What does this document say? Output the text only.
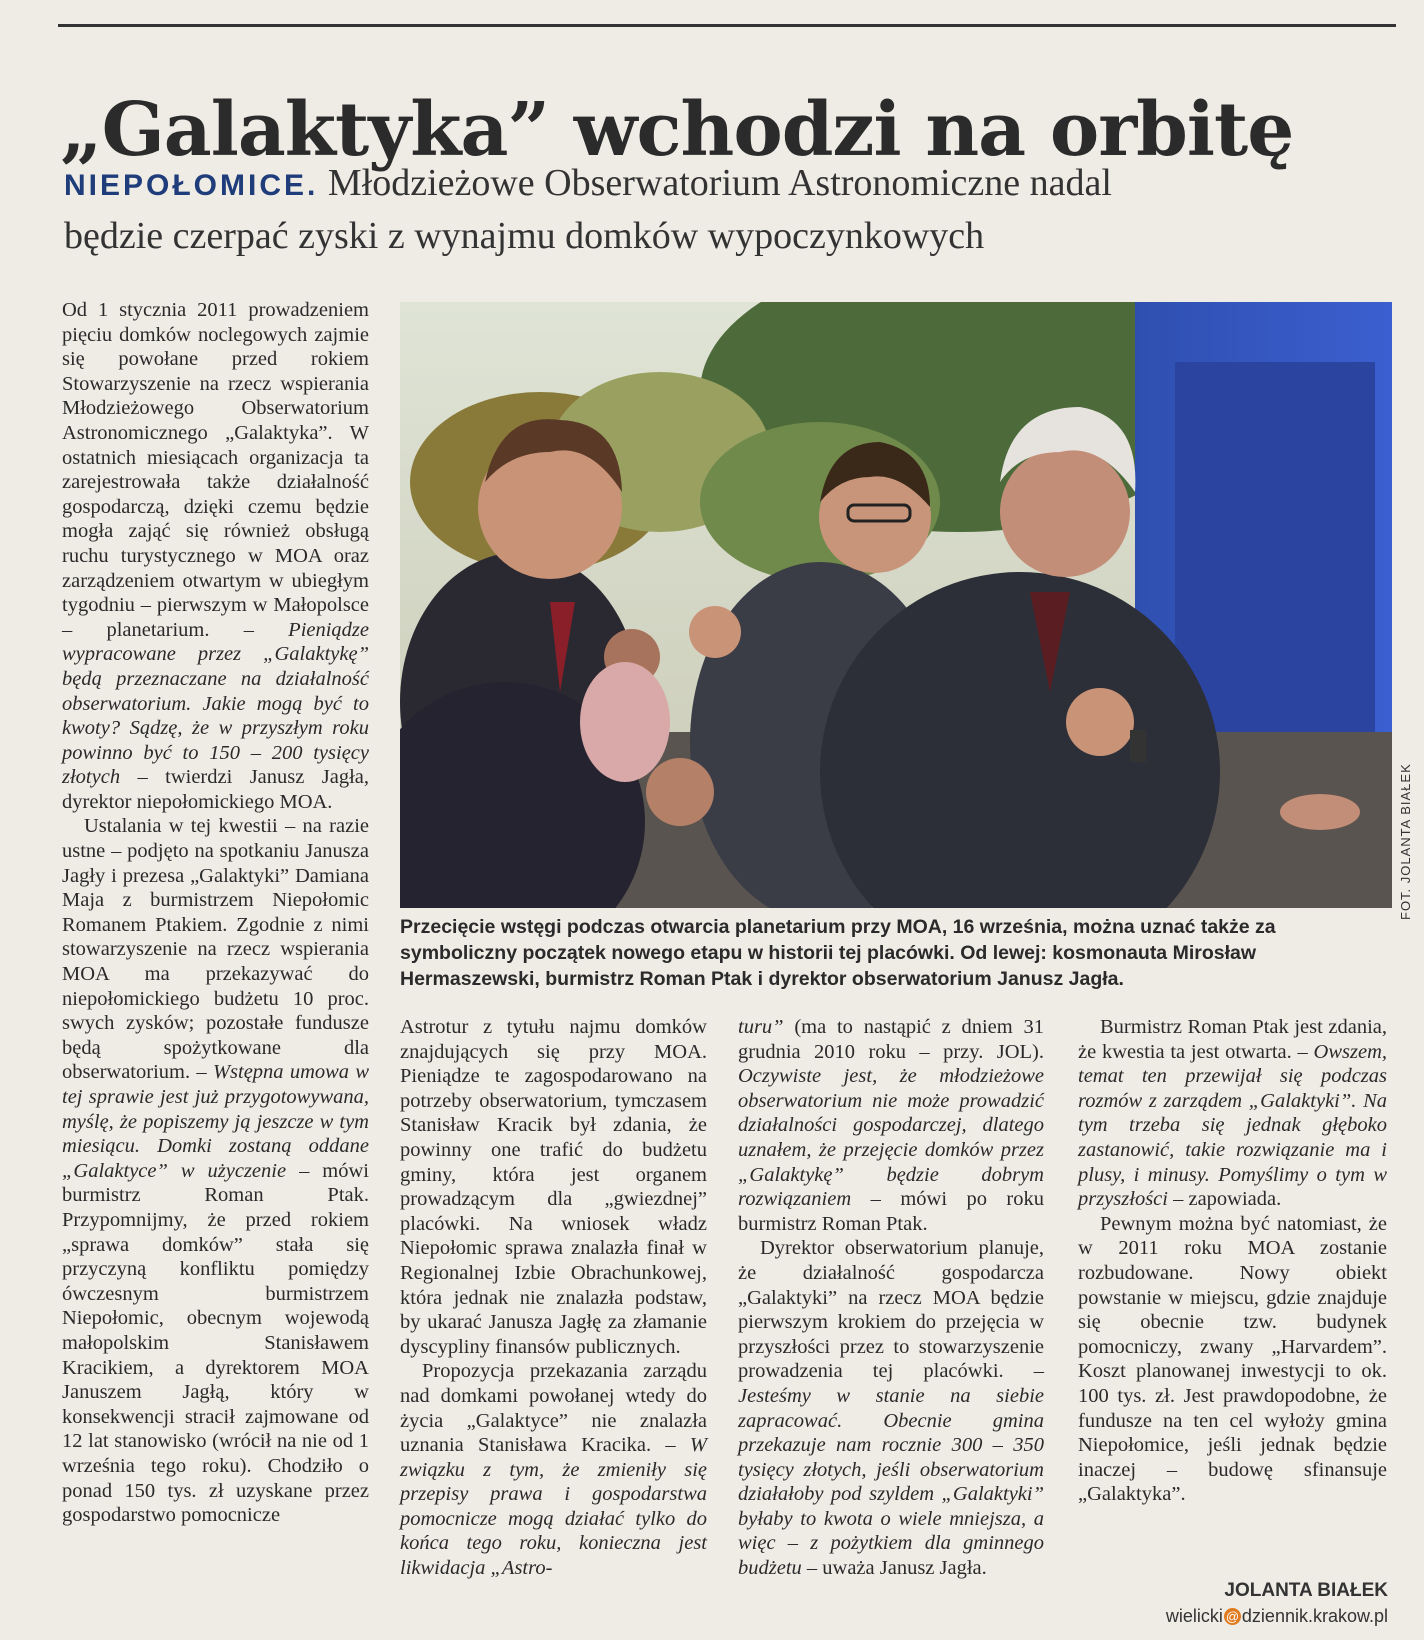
„Galaktyka” wchodzi na orbitę
NIEPOŁOMICE. Młodzieżowe Obserwatorium Astronomiczne nadal
będzie czerpać zyski z wynajmu domków wypoczynkowych

Od 1 stycznia 2011 prowadzeniem pięciu domków noclegowych zajmie się powołane przed rokiem Stowarzyszenie na rzecz wspierania Młodzieżowego Obserwatorium Astronomicznego „Galaktyka”. W ostatnich miesiącach organizacja ta zarejestrowała także działalność gospodarczą, dzięki czemu będzie mogła zająć się również obsługą ruchu turystycznego w MOA oraz zarządzeniem otwartym w ubiegłym tygodniu – pierwszym w Małopolsce – planetarium. – Pieniądze wypracowane przez „Galaktykę” będą przeznaczane na działalność obserwatorium. Jakie mogą być to kwoty? Sądzę, że w przyszłym roku powinno być to 150 – 200 tysięcy złotych – twierdzi Janusz Jagła, dyrektor niepołomickiego MOA.

Ustalania w tej kwestii – na razie ustne – podjęto na spotkaniu Janusza Jagły i prezesa „Galaktyki” Damiana Maja z burmistrzem Niepołomic Romanem Ptakiem. Zgodnie z nimi stowarzyszenie na rzecz wspierania MOA ma przekazywać do niepołomickiego budżetu 10 proc. swych zysków; pozostałe fundusze będą spożytkowane dla obserwatorium. – Wstępna umowa w tej sprawie jest już przygotowywana, myślę, że popiszemy ją jeszcze w tym miesiącu. Domki zostaną oddane „Galaktyce” w użyczenie – mówi burmistrz Roman Ptak. Przypomnijmy, że przed rokiem „sprawa domków” stała się przyczyną konfliktu pomiędzy ówczesnym burmistrzem Niepołomic, obecnym wojewodą małopolskim Stanisławem Kracikiem, a dyrektorem MOA Januszem Jagłą, który w konsekwencji stracił zajmowane od 12 lat stanowisko (wrócił na nie od 1 września tego roku). Chodziło o ponad 150 tys. zł uzyskane przez gospodarstwo pomocnicze

FOT. JOLANTA BIAŁEK
Przecięcie wstęgi podczas otwarcia planetarium przy MOA, 16 września, można uznać także za symboliczny początek nowego etapu w historii tej placówki. Od lewej: kosmonauta Mirosław Hermaszewski, burmistrz Roman Ptak i dyrektor obserwatorium Janusz Jagła.

Astrotur z tytułu najmu domków znajdujących się przy MOA. Pieniądze te zagospodarowano na potrzeby obserwatorium, tymczasem Stanisław Kracik był zdania, że powinny one trafić do budżetu gminy, która jest organem prowadzącym dla „gwiezdnej” placówki. Na wniosek władz Niepołomic sprawa znalazła finał w Regionalnej Izbie Obrachunkowej, która jednak nie znalazła podstaw, by ukarać Janusza Jagłę za złamanie dyscypliny finansów publicznych.

Propozycja przekazania zarządu nad domkami powołanej wtedy do życia „Galaktyce” nie znalazła uznania Stanisława Kracika. – W związku z tym, że zmieniły się przepisy prawa i gospodarstwa pomocnicze mogą działać tylko do końca tego roku, konieczna jest likwidacja „Astro-

turu” (ma to nastąpić z dniem 31 grudnia 2010 roku – przy. JOL). Oczywiste jest, że młodzieżowe obserwatorium nie może prowadzić działalności gospodarczej, dlatego uznałem, że przejęcie domków przez „Galaktykę” będzie dobrym rozwiązaniem – mówi po roku burmistrz Roman Ptak.

Dyrektor obserwatorium planuje, że działalność gospodarcza „Galaktyki” na rzecz MOA będzie pierwszym krokiem do przejęcia w przyszłości przez to stowarzyszenie prowadzenia tej placówki. – Jesteśmy w stanie na siebie zapracować. Obecnie gmina przekazuje nam rocznie 300 – 350 tysięcy złotych, jeśli obserwatorium działałoby pod szyldem „Galaktyki” byłaby to kwota o wiele mniejsza, a więc – z pożytkiem dla gminnego budżetu – uważa Janusz Jagła.

Burmistrz Roman Ptak jest zdania, że kwestia ta jest otwarta. – Owszem, temat ten przewijał się podczas rozmów z zarządem „Galaktyki”. Na tym trzeba się jednak głęboko zastanowić, takie rozwiązanie ma i plusy, i minusy. Pomyślimy o tym w przyszłości – zapowiada.

Pewnym można być natomiast, że w 2011 roku MOA zostanie rozbudowane. Nowy obiekt powstanie w miejscu, gdzie znajduje się obecnie tzw. budynek pomocniczy, zwany „Harvardem”. Koszt planowanej inwestycji to ok. 100 tys. zł. Jest prawdopodobne, że fundusze na ten cel wyłoży gmina Niepołomice, jeśli jednak będzie inaczej – budowę sfinansuje „Galaktyka”.

JOLANTA BIAŁEK
wielicki @ dziennik.krakow.pl
